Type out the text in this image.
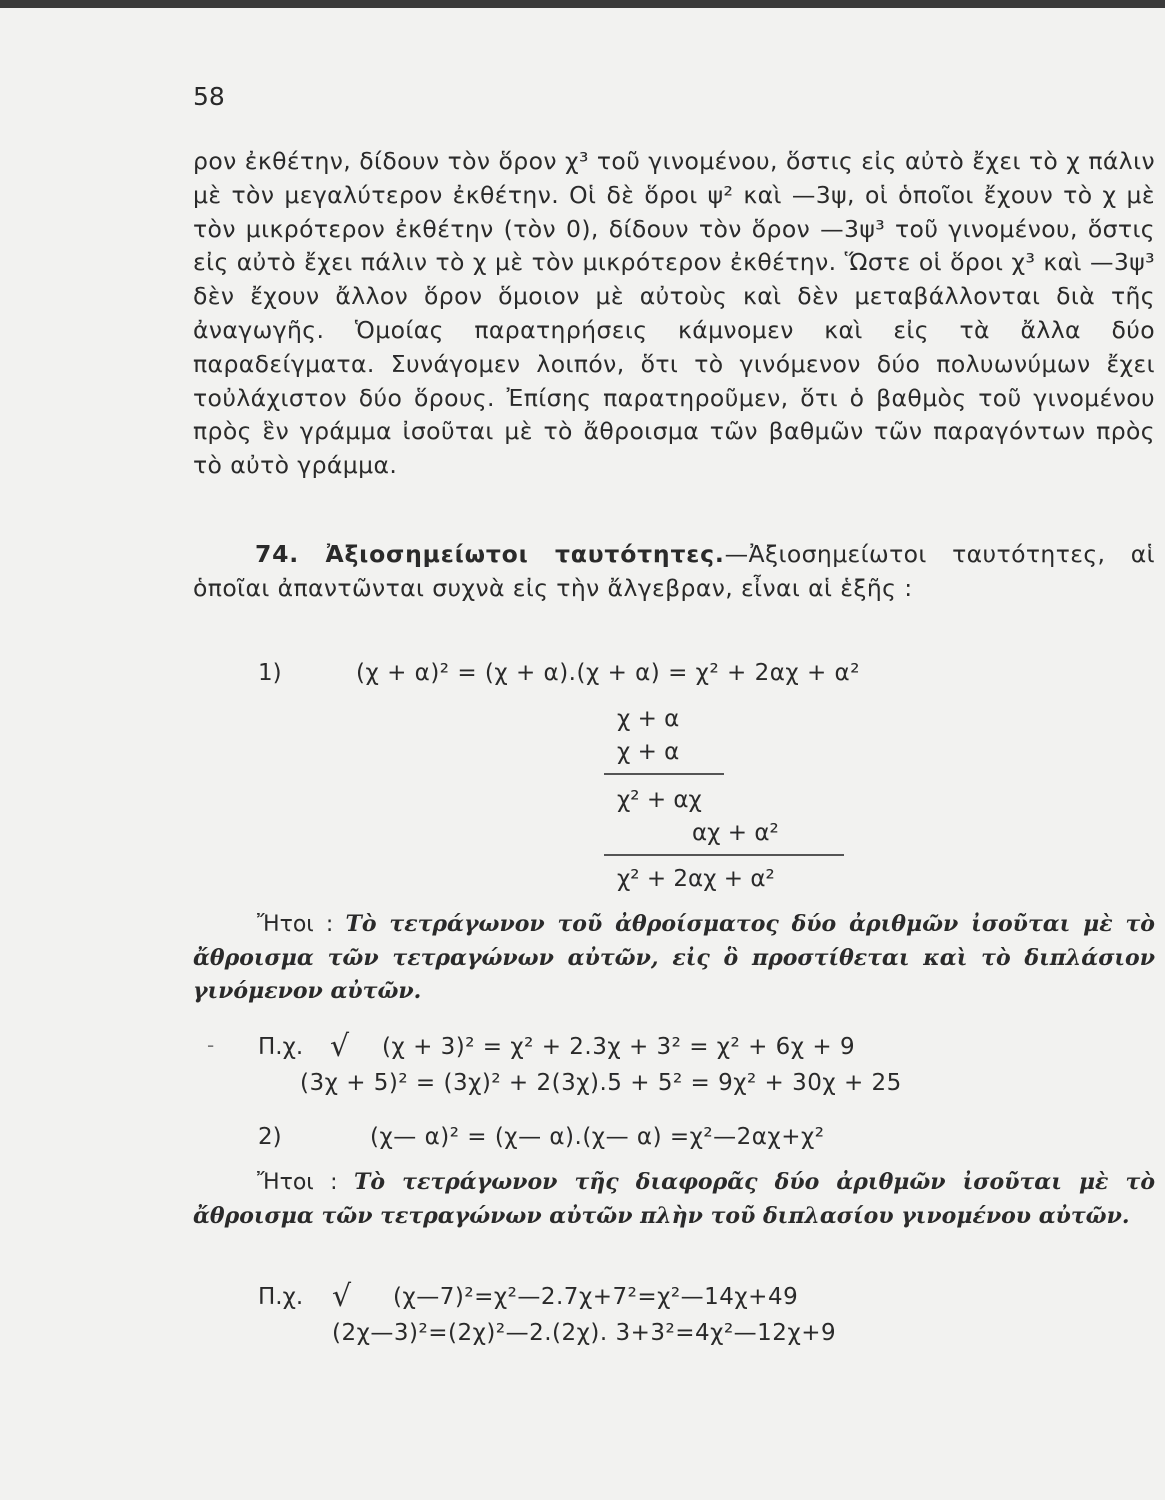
58

ρον ἐκθέτην, δίδουν τὸν ὅρον χ³ τοῦ γινομένου, ὅστις εἰς αὐτὸ ἔχει τὸ χ πάλιν μὲ τὸν μεγαλύτερον ἐκθέτην. Οἱ δὲ ὅροι ψ² καὶ —3ψ, οἱ ὁποῖοι ἔχουν τὸ χ μὲ τὸν μικρότερον ἐκθέτην (τὸν 0), δίδουν τὸν ὅρον —3ψ³ τοῦ γινομένου, ὅστις εἰς αὐτὸ ἔχει πάλιν τὸ χ μὲ τὸν μικρότερον ἐκθέτην. Ὥστε οἱ ὅροι χ³ καὶ —3ψ³ δὲν ἔχουν ἄλλον ὅρον ὅμοιον μὲ αὐτοὺς καὶ δὲν μεταβάλλονται διὰ τῆς ἀναγωγῆς. Ὁμοίας παρατηρήσεις κάμνομεν καὶ εἰς τὰ ἄλλα δύο παραδείγματα. Συνάγομεν λοιπόν, ὅτι τὸ γινόμενον δύο πολυωνύμων ἔχει τοὐλάχιστον δύο ὅρους. Ἐπίσης παρατηροῦμεν, ὅτι ὁ βαθμὸς τοῦ γινομένου πρὸς ἓν γράμμα ἰσοῦται μὲ τὸ ἄθροισμα τῶν βαθμῶν τῶν παραγόντων πρὸς τὸ αὐτὸ γράμμα.

74. Ἀξιοσημείωτοι ταυτότητες.—Ἀξιοσημείωτοι ταυτότητες, αἱ ὁποῖαι ἀπαντῶνται συχνὰ εἰς τὴν ἄλγεβραν, εἶναι αἱ ἑξῆς :

1)	(χ + α)² = (χ + α).(χ + α) = χ² + 2αχ + α²
χ + α
χ + α
χ² + αχ
αχ + α²
χ² + 2αχ + α²

Ἤτοι : Τὸ τετράγωνον τοῦ ἀθροίσματος δύο ἀριθμῶν ἰσοῦται μὲ τὸ ἄθροισμα τῶν τετραγώνων αὐτῶν, εἰς ὃ προστίθεται καὶ τὸ διπλάσιον γινόμενον αὐτῶν.

- Π.χ. √ (χ + 3)² = χ² + 2.3χ + 3² = χ² + 6χ + 9
(3χ + 5)² = (3χ)² + 2(3χ).5 + 5² = 9χ² + 30χ + 25
2)	(χ— α)² = (χ— α).(χ— α) =χ²—2αχ+χ²

Ἤτοι : Τὸ τετράγωνον τῆς διαφορᾶς δύο ἀριθμῶν ἰσοῦται μὲ τὸ ἄθροισμα τῶν τετραγώνων αὐτῶν πλὴν τοῦ διπλασίου γινομένου αὐτῶν.

Π.χ. √ (χ—7)²=χ²—2.7χ+7²=χ²—14χ+49
(2χ—3)²=(2χ)²—2.(2χ). 3+3²=4χ²—12χ+9
